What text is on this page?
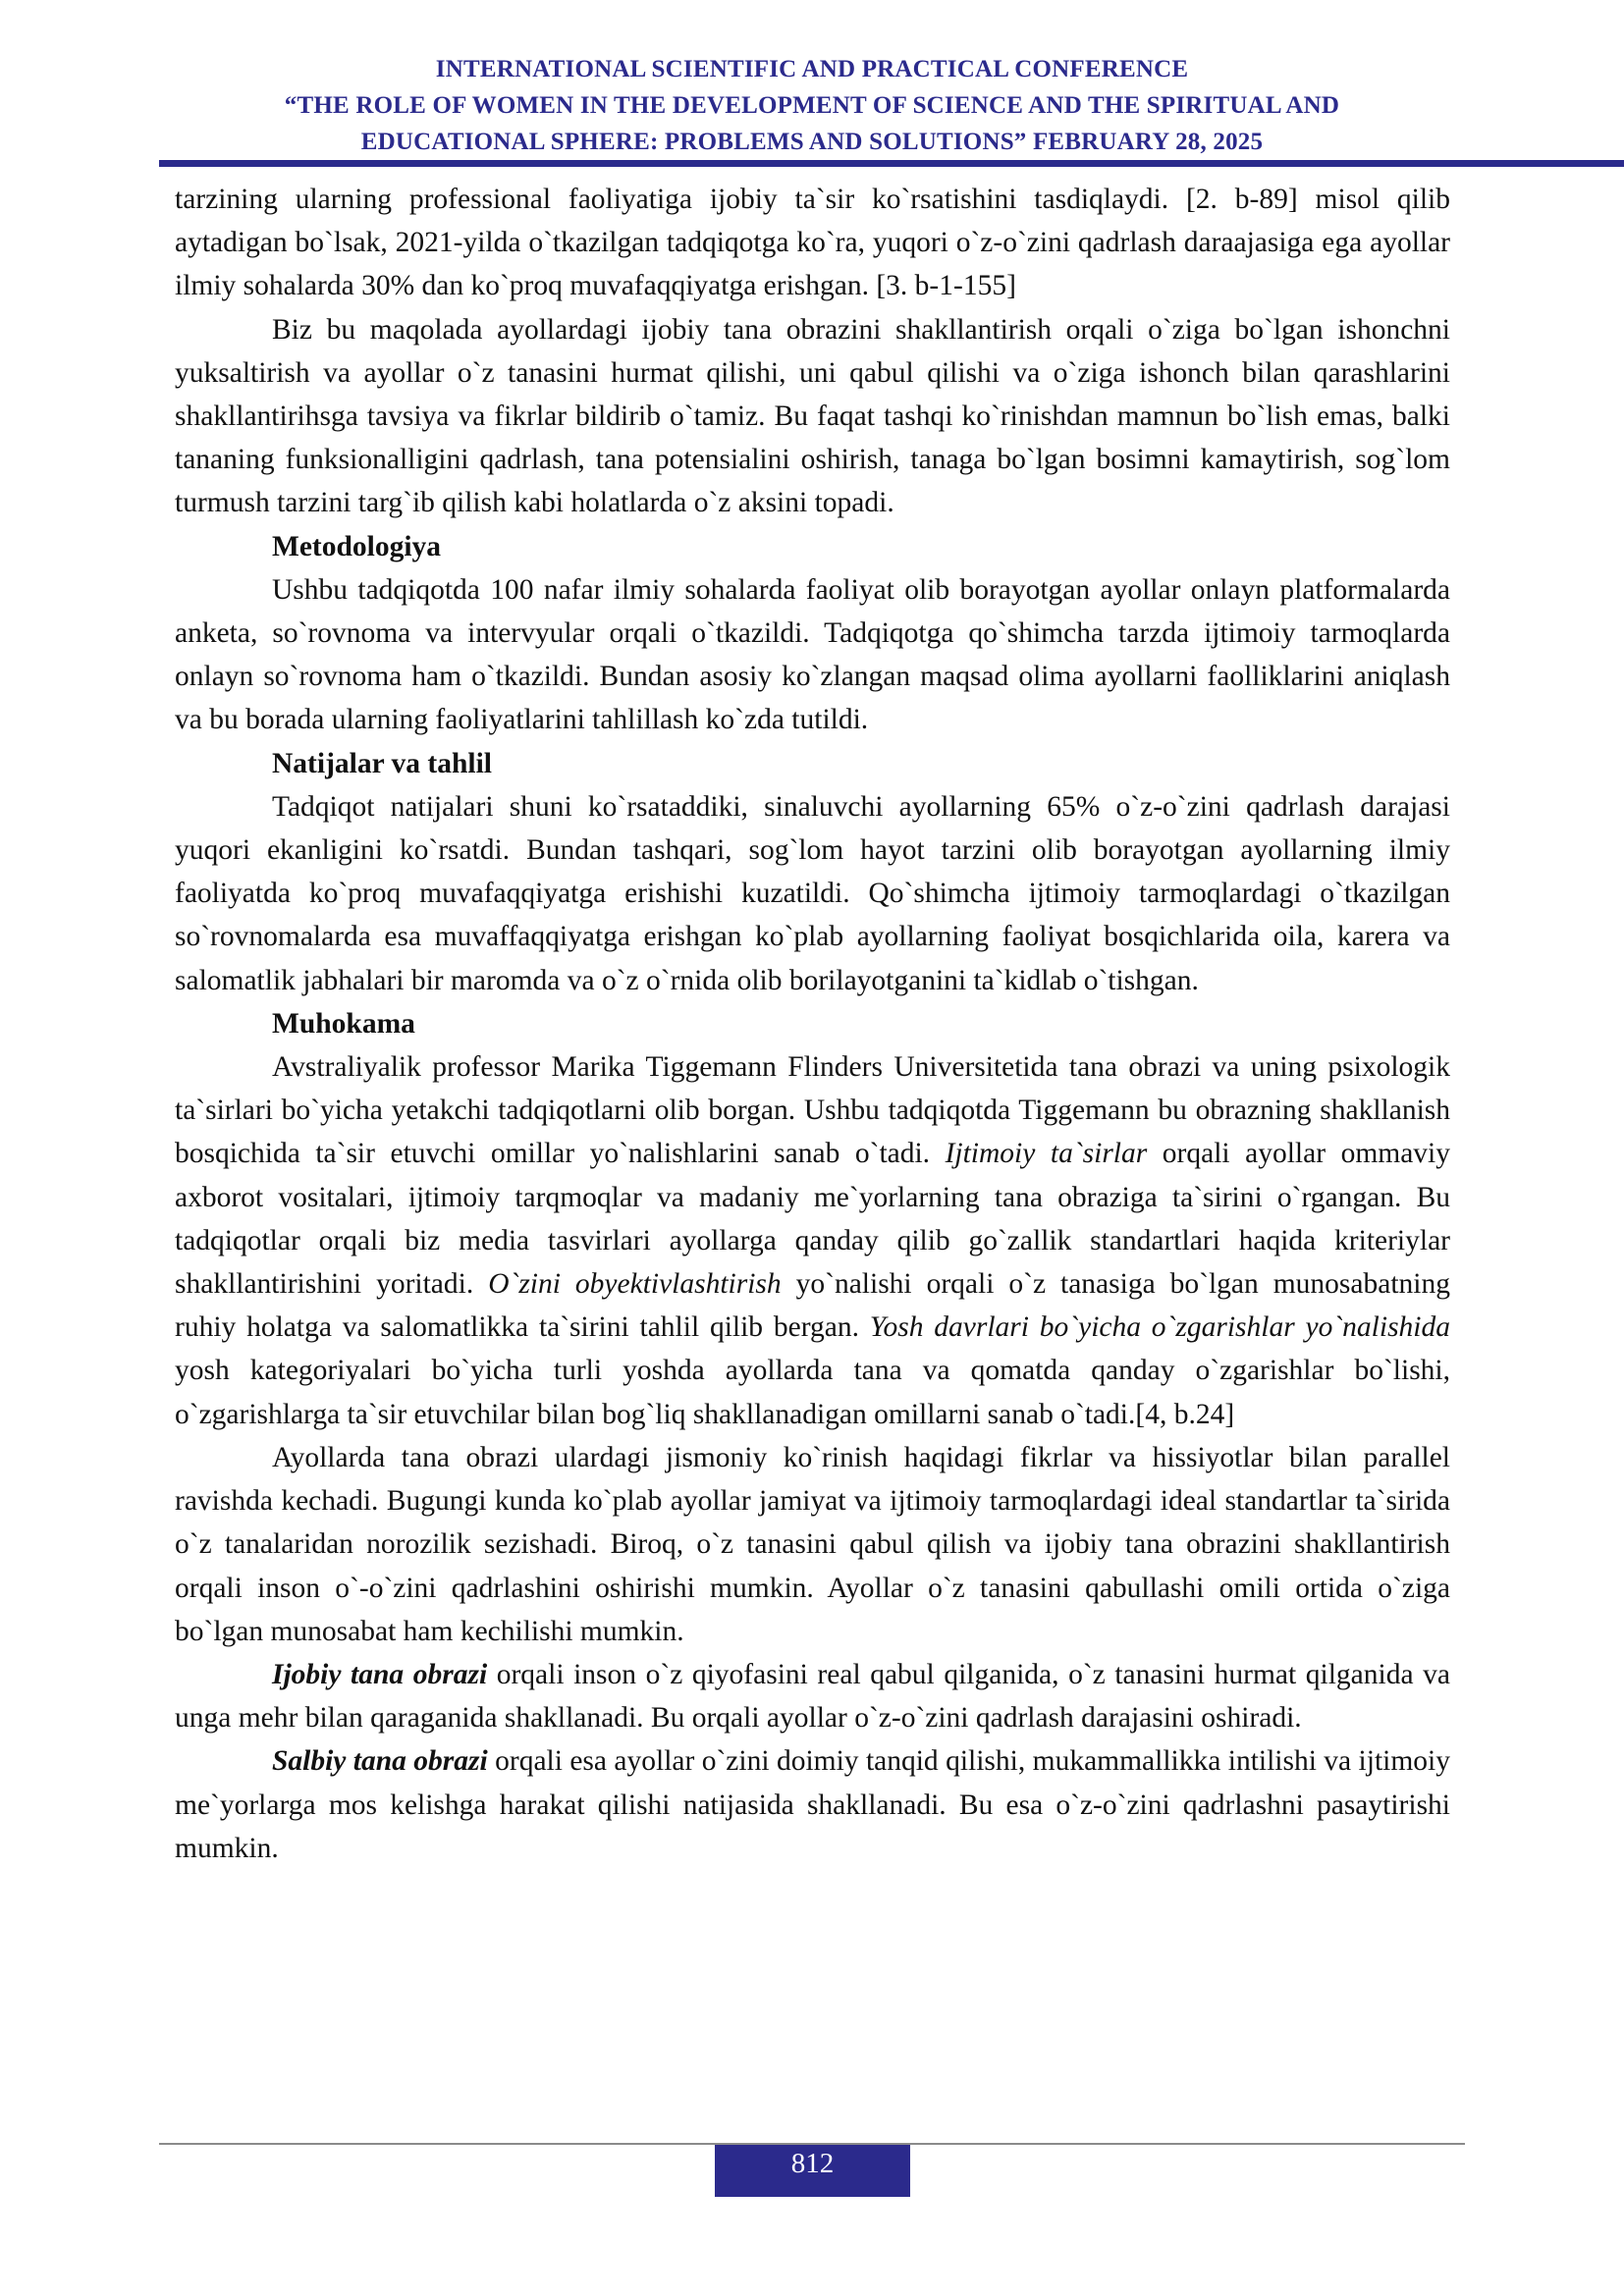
INTERNATIONAL SCIENTIFIC AND PRACTICAL CONFERENCE
“THE ROLE OF WOMEN IN THE DEVELOPMENT OF SCIENCE AND THE SPIRITUAL AND
EDUCATIONAL SPHERE: PROBLEMS AND SOLUTIONS” FEBRUARY 28, 2025

tarzining ularning professional faoliyatiga ijobiy ta`sir ko`rsatishini tasdiqlaydi. [2. b-89] misol qilib aytadigan bo`lsak, 2021-yilda o`tkazilgan tadqiqotga ko`ra, yuqori o`z-o`zini qadrlash daraajasiga ega ayollar ilmiy sohalarda 30% dan ko`proq muvafaqqiyatga erishgan. [3. b-1-155]

Biz bu maqolada ayollardagi ijobiy tana obrazini shakllantirish orqali o`ziga bo`lgan ishonchni yuksaltirish va ayollar o`z tanasini hurmat qilishi, uni qabul qilishi va o`ziga ishonch bilan qarashlarini shakllantirihsga tavsiya va fikrlar bildirib o`tamiz. Bu faqat tashqi ko`rinishdan mamnun bo`lish emas, balki tananing funksionalligini qadrlash, tana potensialini oshirish, tanaga bo`lgan bosimni kamaytirish, sog`lom turmush tarzini targ`ib qilish kabi holatlarda o`z aksini topadi.

Metodologiya

Ushbu tadqiqotda 100 nafar ilmiy sohalarda faoliyat olib borayotgan ayollar onlayn platformalarda anketa, so`rovnoma va intervyular orqali o`tkazildi. Tadqiqotga qo`shimcha tarzda ijtimoiy tarmoqlarda onlayn so`rovnoma ham o`tkazildi. Bundan asosiy ko`zlangan maqsad olima ayollarni faolliklarini aniqlash va bu borada ularning faoliyatlarini tahlillash ko`zda tutildi.

Natijalar va tahlil

Tadqiqot natijalari shuni ko`rsataddiki, sinaluvchi ayollarning 65% o`z-o`zini qadrlash darajasi yuqori ekanligini ko`rsatdi. Bundan tashqari, sog`lom hayot tarzini olib borayotgan ayollarning ilmiy faoliyatda ko`proq muvafaqqiyatga erishishi kuzatildi. Qo`shimcha ijtimoiy tarmoqlardagi o`tkazilgan so`rovnomalarda esa muvaffaqqiyatga erishgan ko`plab ayollarning faoliyat bosqichlarida oila, karera va salomatlik jabhalari bir maromda va o`z o`rnida olib borilayotganini ta`kidlab o`tishgan.

Muhokama

Avstraliyalik professor Marika Tiggemann Flinders Universitetida tana obrazi va uning psixologik ta`sirlari bo`yicha yetakchi tadqiqotlarni olib borgan. Ushbu tadqiqotda Tiggemann bu obrazning shakllanish bosqichida ta`sir etuvchi omillar yo`nalishlarini sanab o`tadi. Ijtimoiy ta`sirlar orqali ayollar ommaviy axborot vositalari, ijtimoiy tarqmoqlar va madaniy me`yorlarning tana obraziga ta`sirini o`rgangan. Bu tadqiqotlar orqali biz media tasvirlari ayollarga qanday qilib go`zallik standartlari haqida kriteriylar shakllantirishini yoritadi. O`zini obyektivlashtirish yo`nalishi orqali o`z tanasiga bo`lgan munosabatning ruhiy holatga va salomatlikka ta`sirini tahlil qilib bergan. Yosh davrlari bo`yicha o`zgarishlar yo`nalishida yosh kategoriyalari bo`yicha turli yoshda ayollarda tana va qomatda qanday o`zgarishlar bo`lishi, o`zgarishlarga ta`sir etuvchilar bilan bog`liq shakllanadigan omillarni sanab o`tadi.[4, b.24]

Ayollarda tana obrazi ulardagi jismoniy ko`rinish haqidagi fikrlar va hissiyotlar bilan parallel ravishda kechadi. Bugungi kunda ko`plab ayollar jamiyat va ijtimoiy tarmoqlardagi ideal standartlar ta`sirida o`z tanalaridan norozilik sezishadi. Biroq, o`z tanasini qabul qilish va ijobiy tana obrazini shakllantirish orqali inson o`-o`zini qadrlashini oshirishi mumkin. Ayollar o`z tanasini qabullashi omili ortida o`ziga bo`lgan munosabat ham kechilishi mumkin.

Ijobiy tana obrazi orqali inson o`z qiyofasini real qabul qilganida, o`z tanasini hurmat qilganida va unga mehr bilan qaraganida shakllanadi. Bu orqali ayollar o`z-o`zini qadrlash darajasini oshiradi.

Salbiy tana obrazi orqali esa ayollar o`zini doimiy tanqid qilishi, mukammallikka intilishi va ijtimoiy me`yorlarga mos kelishga harakat qilishi natijasida shakllanadi. Bu esa o`z-o`zini qadrlashni pasaytirishi mumkin.

812
